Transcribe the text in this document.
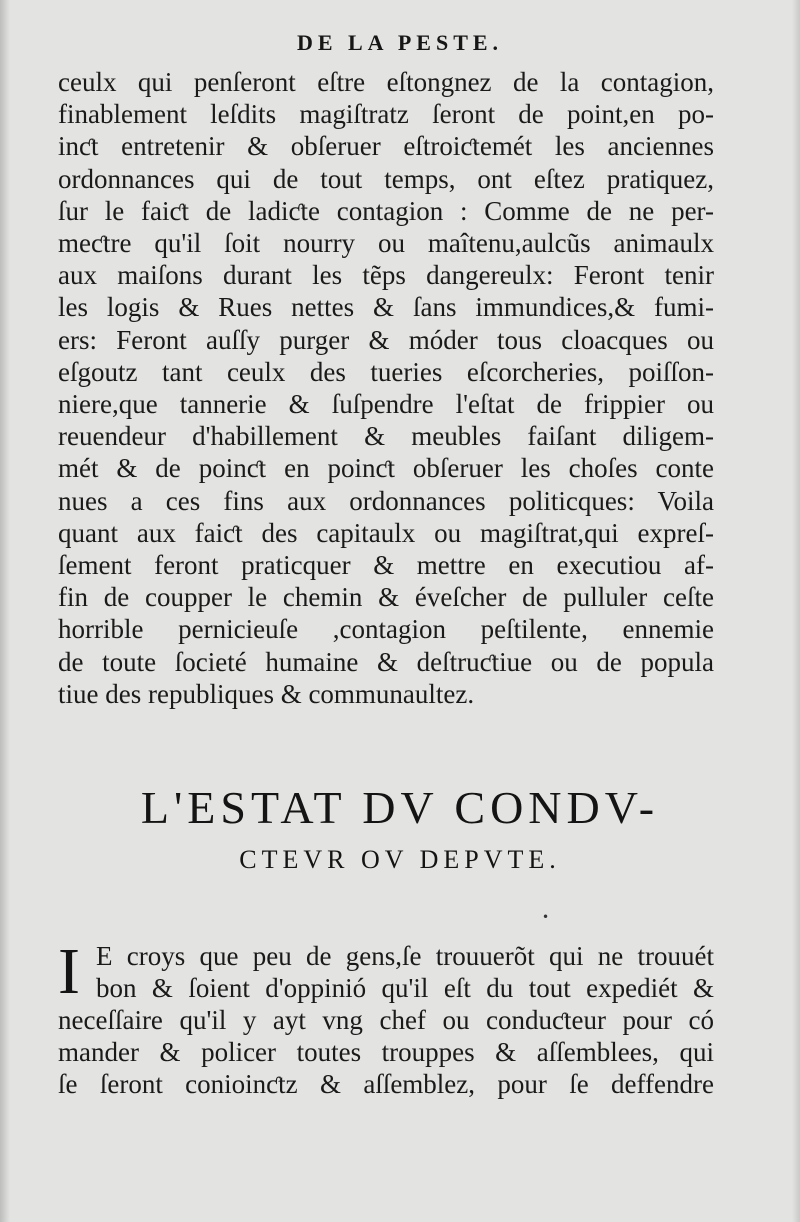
DE LA PESTE.
ceulx qui penſeront eſtre eſtongnez de la contagion,
finablement leſdits magiſtratz ſeront de point,en po-
inƈt entretenir & obſeruer eſtroiƈtemét les anciennes
ordonnances qui de tout temps, ont eſtez pratiquez,
ſur le faiƈt de ladiƈte contagion : Comme de ne per-
meƈtre qu'il ſoit nourry ou maîtenu,aulcũs animaulx
aux maiſons durant les tẽps dangereulx: Feront tenir
les logis & Rues nettes & ſans immundices,& fumi-
ers: Feront auſſy purger & móder tous cloacques ou
eſgoutz tant ceulx des tueries eſcorcheries, poiſſon-
niere,que tannerie & ſuſpendre l'eſtat de frippier ou
reuendeur d'habillement & meubles faiſant diligem-
mét & de poinƈt en poinƈt obſeruer les choſes conte
nues a ces fins aux ordonnances politicques: Voila
quant aux faiƈt des capitaulx ou magiſtrat,qui expreſ-
ſement feront praticquer & mettre en executiou af-
fin de coupper le chemin & éveſcher de pulluler ceſte
horrible pernicieuſe ,contagion peſtilente, ennemie
de toute ſocieté humaine & deſtruƈtiue ou de popula
tiue des republiques & communaultez.
L'ESTAT DV CONDV-
CTEVR OV DEPVTE.
•
I E croys que peu de gens,ſe trouuerõt qui ne trouuét
bon & ſoient d'oppinió qu'il eſt du tout expediét &
neceſſaire qu'il y ayt vng chef ou conduƈteur pour có
mander & policer toutes trouppes & aſſemblees, qui
ſe ſeront conioinƈtz & aſſemblez, pour ſe deffendre
